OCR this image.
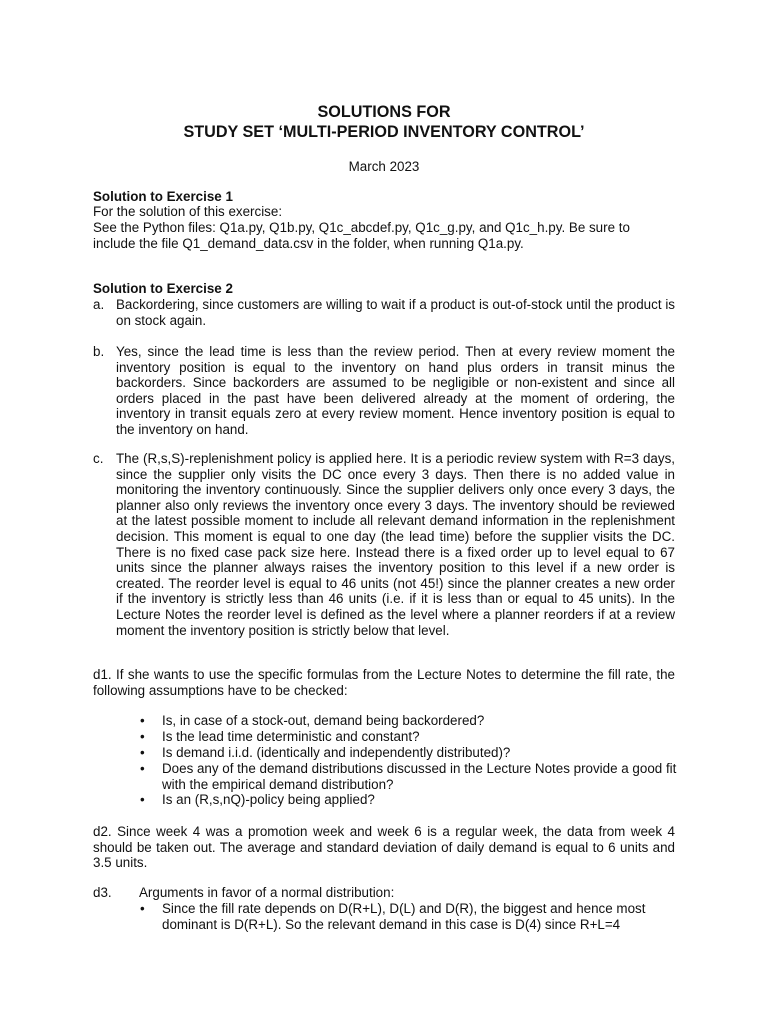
SOLUTIONS FOR
STUDY SET ‘MULTI-PERIOD INVENTORY CONTROL’
March 2023
Solution to Exercise 1
For the solution of this exercise:
See the Python files: Q1a.py, Q1b.py, Q1c_abcdef.py, Q1c_g.py, and Q1c_h.py. Be sure to include the file Q1_demand_data.csv in the folder, when running Q1a.py.
Solution to Exercise 2
a. Backordering, since customers are willing to wait if a product is out-of-stock until the product is on stock again.
b. Yes, since the lead time is less than the review period. Then at every review moment the inventory position is equal to the inventory on hand plus orders in transit minus the backorders. Since backorders are assumed to be negligible or non-existent and since all orders placed in the past have been delivered already at the moment of ordering, the inventory in transit equals zero at every review moment. Hence inventory position is equal to the inventory on hand.
c. The (R,s,S)-replenishment policy is applied here. It is a periodic review system with R=3 days, since the supplier only visits the DC once every 3 days. Then there is no added value in monitoring the inventory continuously. Since the supplier delivers only once every 3 days, the planner also only reviews the inventory once every 3 days. The inventory should be reviewed at the latest possible moment to include all relevant demand information in the replenishment decision. This moment is equal to one day (the lead time) before the supplier visits the DC. There is no fixed case pack size here. Instead there is a fixed order up to level equal to 67 units since the planner always raises the inventory position to this level if a new order is created. The reorder level is equal to 46 units (not 45!) since the planner creates a new order if the inventory is strictly less than 46 units (i.e. if it is less than or equal to 45 units). In the Lecture Notes the reorder level is defined as the level where a planner reorders if at a review moment the inventory position is strictly below that level.
d1. If she wants to use the specific formulas from the Lecture Notes to determine the fill rate, the following assumptions have to be checked:
• Is, in case of a stock-out, demand being backordered?
• Is the lead time deterministic and constant?
• Is demand i.i.d. (identically and independently distributed)?
• Does any of the demand distributions discussed in the Lecture Notes provide a good fit with the empirical demand distribution?
• Is an (R,s,nQ)-policy being applied?
d2. Since week 4 was a promotion week and week 6 is a regular week, the data from week 4 should be taken out. The average and standard deviation of daily demand is equal to 6 units and 3.5 units.
d3. Arguments in favor of a normal distribution:
• Since the fill rate depends on D(R+L), D(L) and D(R), the biggest and hence most dominant is D(R+L). So the relevant demand in this case is D(4) since R+L=4
